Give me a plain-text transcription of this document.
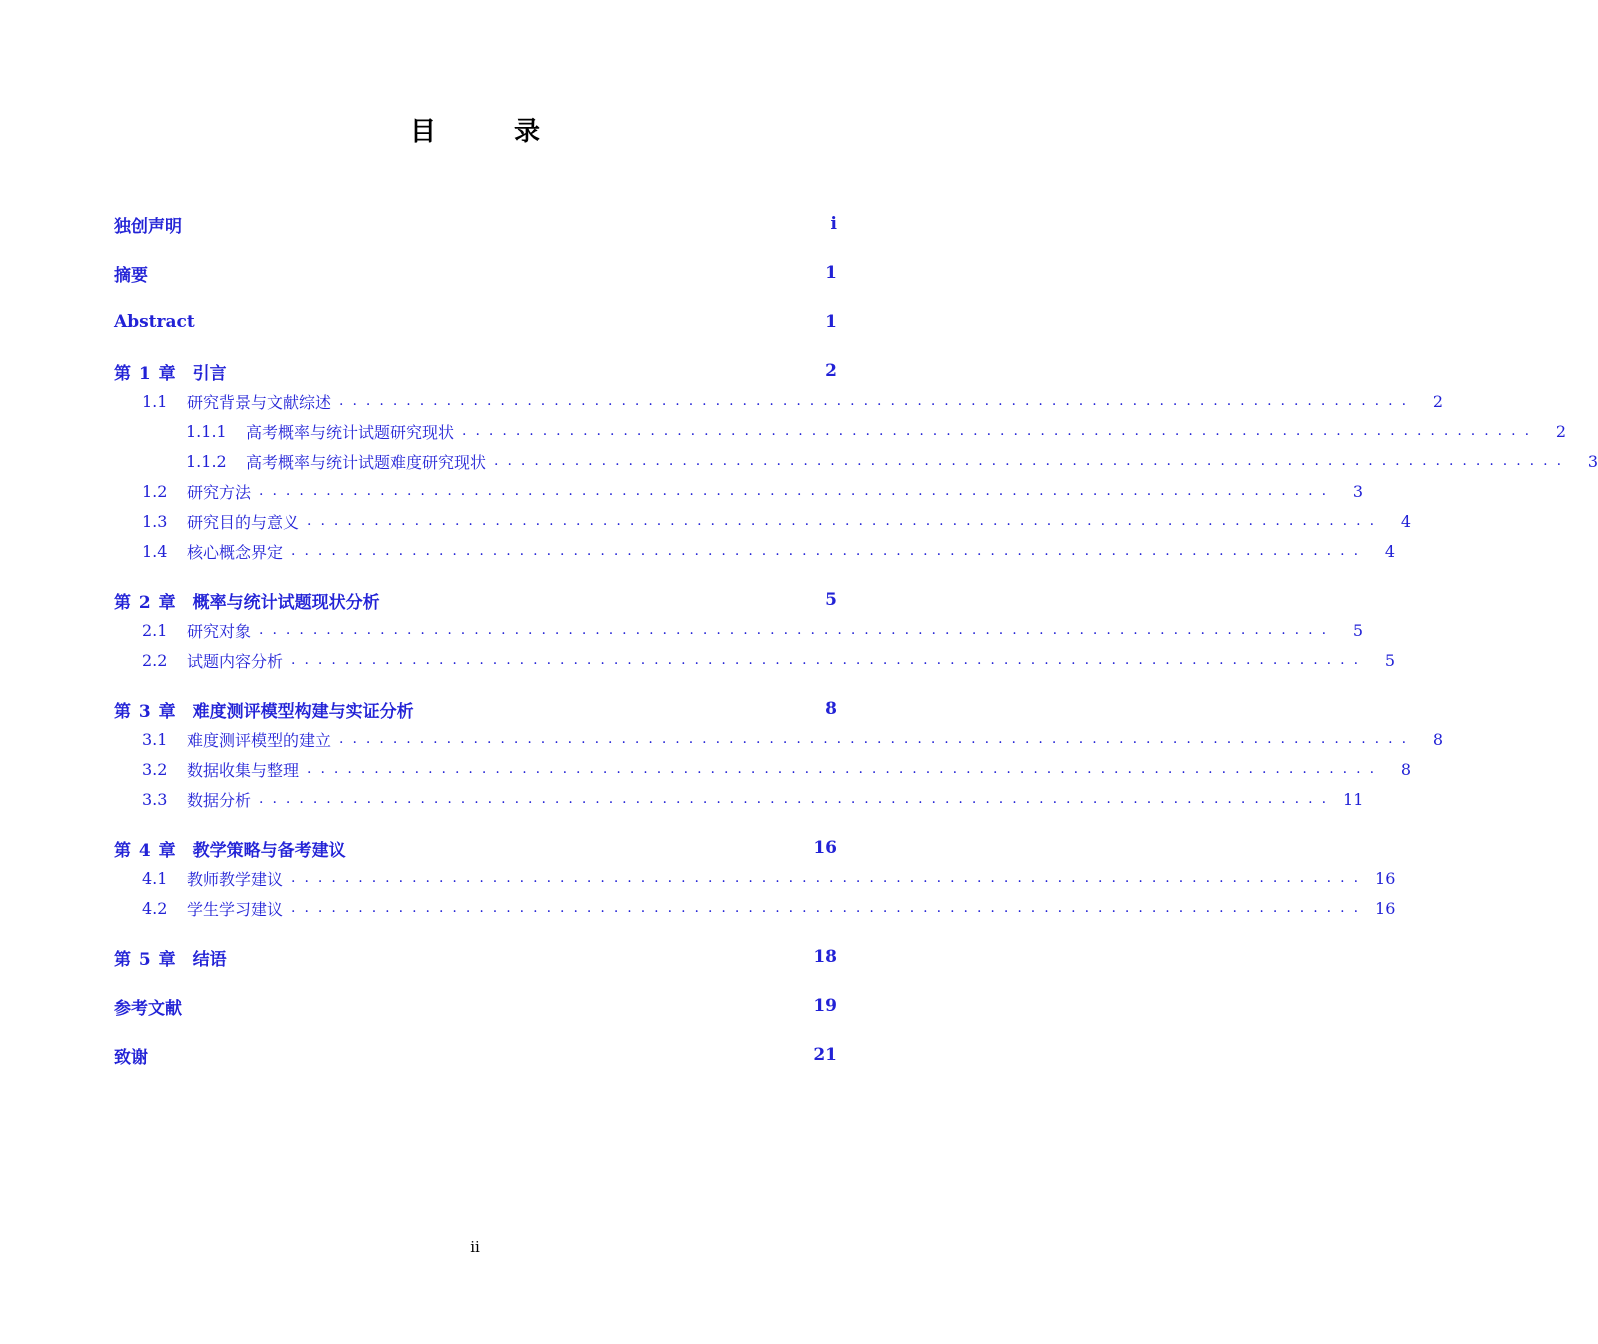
目　录
独创声明	i
摘要	1
Abstract	1
第 1 章 引言	2
1.1	研究背景与文献综述 ................................................................................	2
1.1.1	高考概率与统计试题研究现状 ................................................................................	2
1.1.2	高考概率与统计试题难度研究现状 ................................................................................	3
1.2	研究方法 ................................................................................	3
1.3	研究目的与意义 ................................................................................	4
1.4	核心概念界定 ................................................................................	4
第 2 章 概率与统计试题现状分析	5
2.1	研究对象 ................................................................................	5
2.2	试题内容分析 ................................................................................	5
第 3 章 难度测评模型构建与实证分析	8
3.1	难度测评模型的建立 ................................................................................	8
3.2	数据收集与整理 ................................................................................	8
3.3	数据分析 ................................................................................ 11
第 4 章 教学策略与备考建议	16
4.1	教师教学建议 ................................................................................ 16
4.2	学生学习建议 ................................................................................ 16
第 5 章 结语	18
参考文献	19
致谢	21
ii
